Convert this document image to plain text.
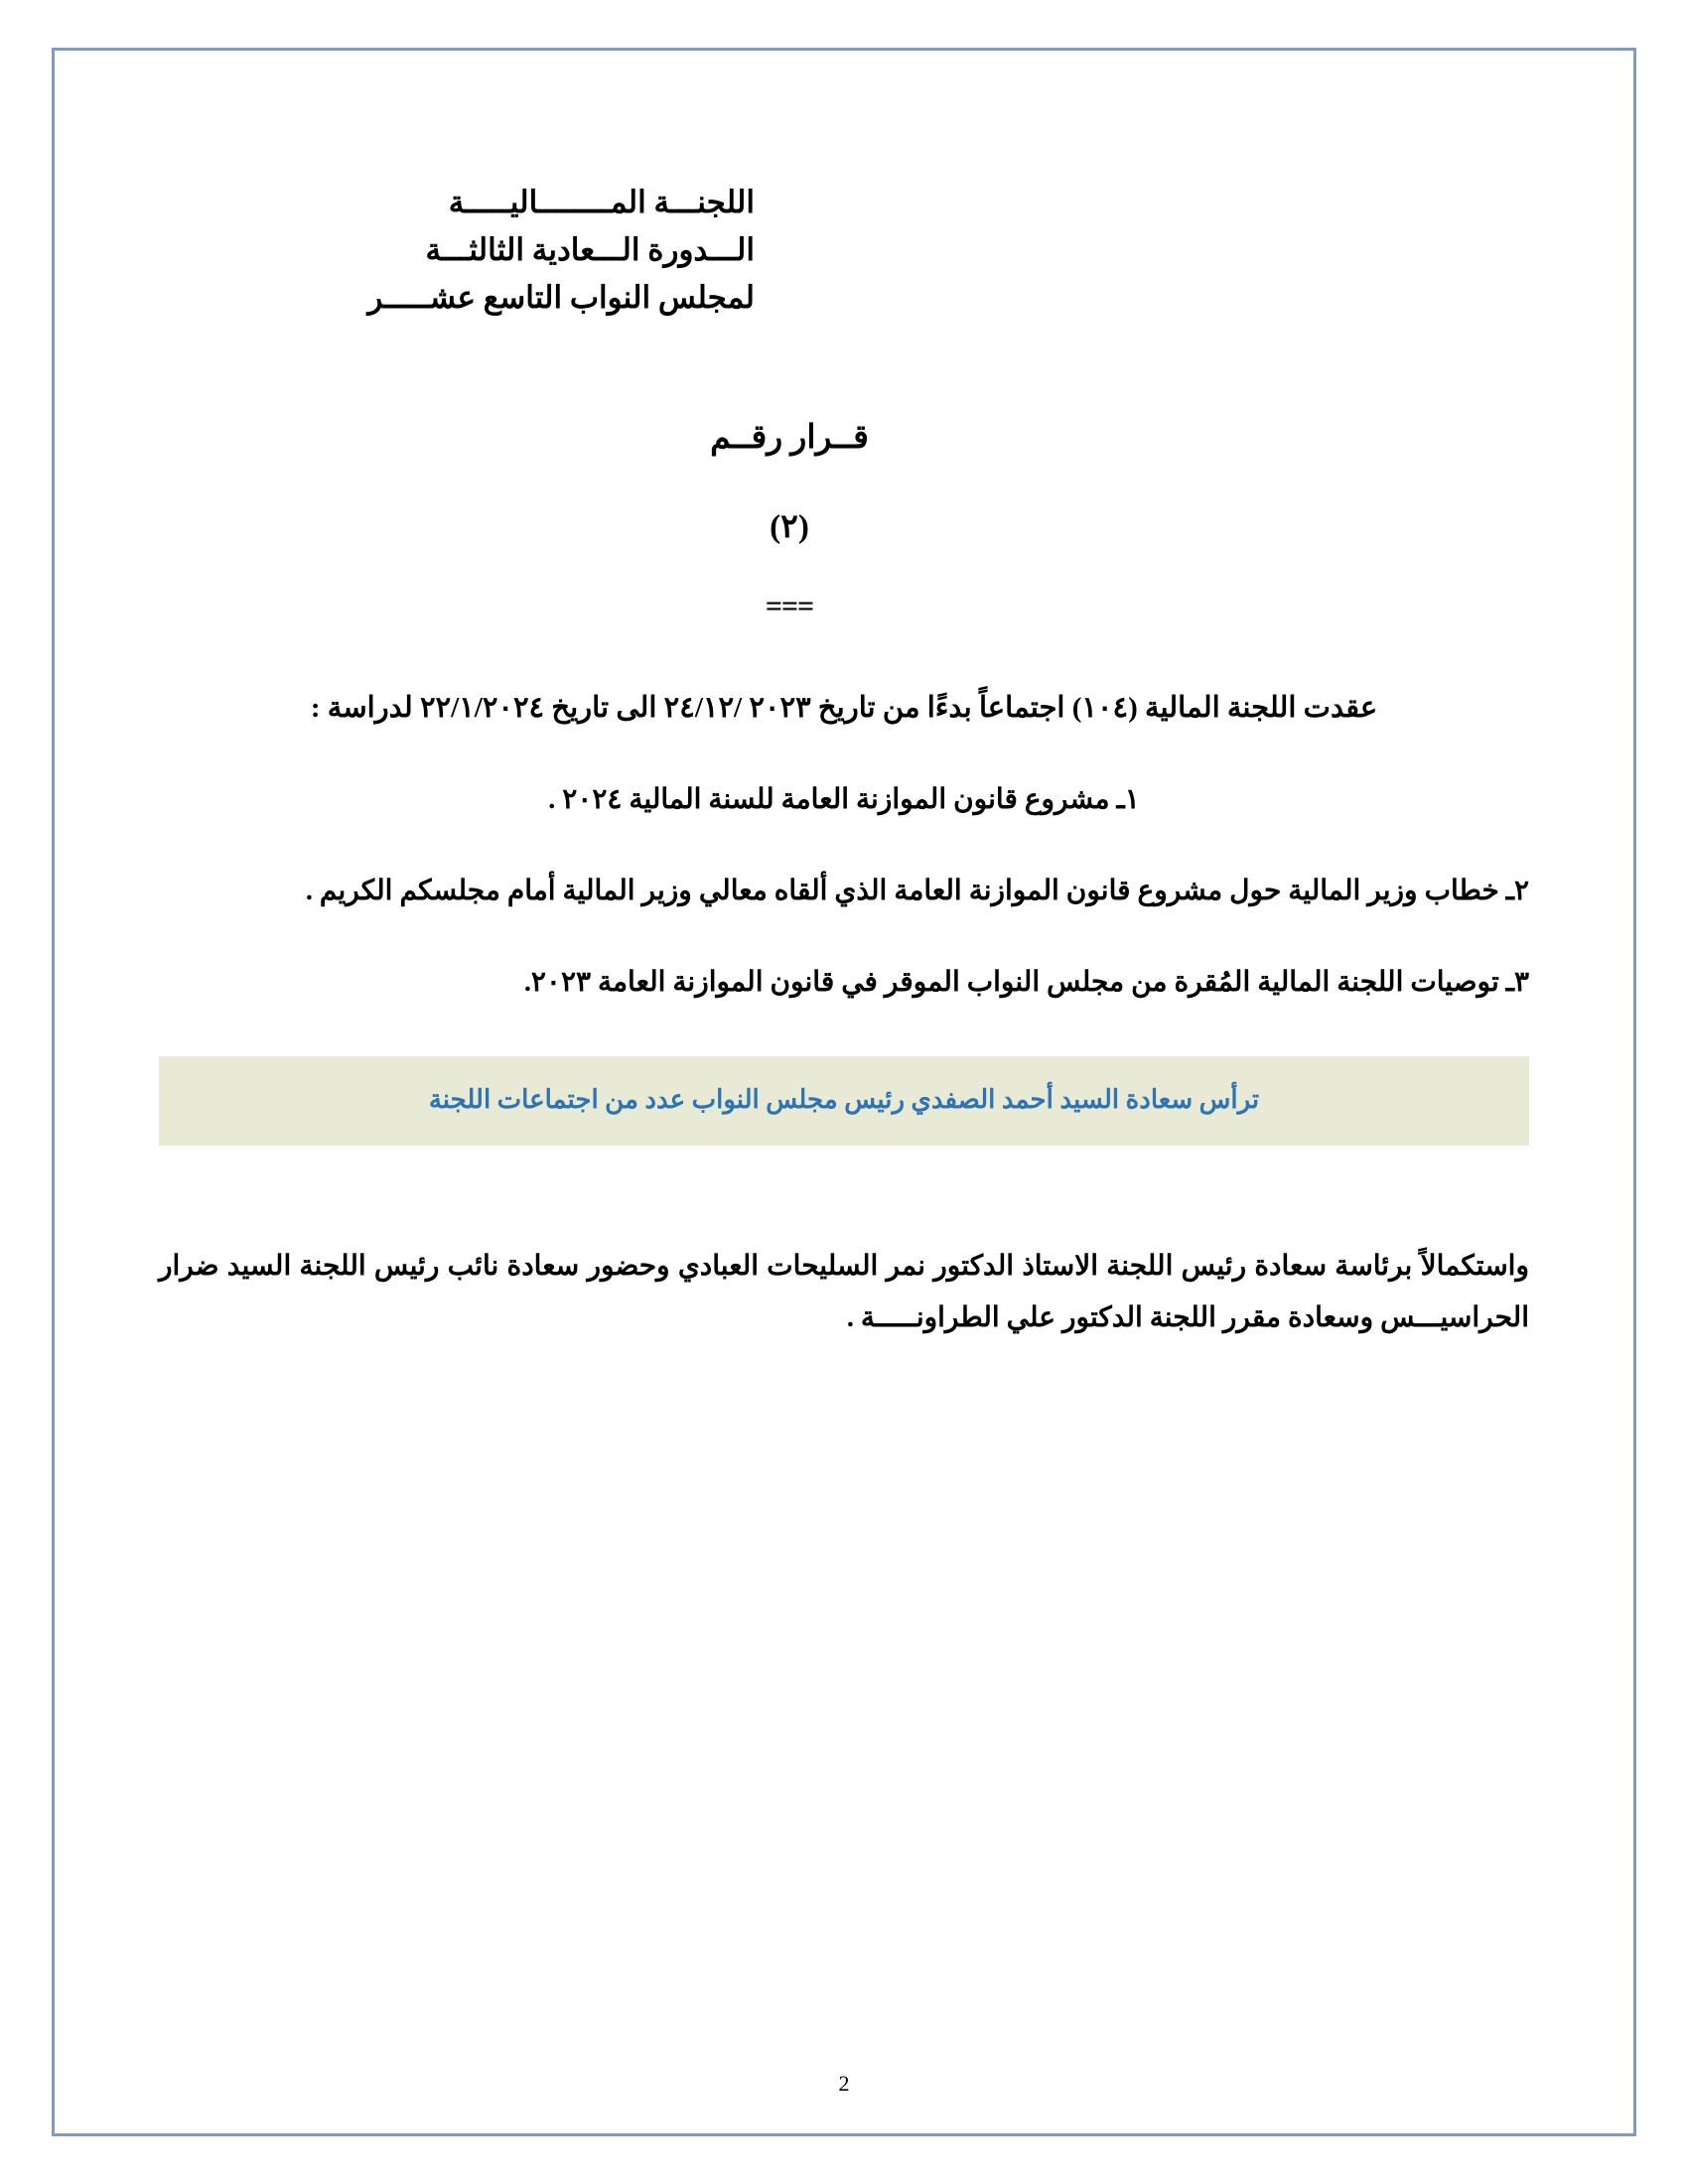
اللجنـــة المــــــــاليـــــة
الـــدورة الـــعادية الثالثـــة
لمجلس النواب التاسع عشـــــر
قــرار رقــم
(٢)
===
عقدت اللجنة المالية (١٠٤) اجتماعاً بدءًا من تاريخ ٢٠٢٣ /٢٤/١٢ الى تاريخ ٢٢/١/٢٠٢٤ لدراسة :
١ـ مشروع قانون الموازنة العامة للسنة المالية ٢٠٢٤ .
٢ـ خطاب وزير المالية حول مشروع قانون الموازنة العامة الذي ألقاه معالي وزير المالية أمام مجلسكم الكريم .
٣ـ توصيات اللجنة المالية المُقرة من مجلس النواب الموقر في قانون الموازنة العامة ٢٠٢٣.
ترأس سعادة السيد أحمد الصفدي رئيس مجلس النواب عدد من اجتماعات اللجنة
واستكمالاً برئاسة سعادة رئيس اللجنة الاستاذ الدكتور نمر السليحات العبادي وحضور سعادة نائب رئيس اللجنة السيد ضرار الحراسيـــس وسعادة مقرر اللجنة الدكتور علي الطراونـــــة .
2
